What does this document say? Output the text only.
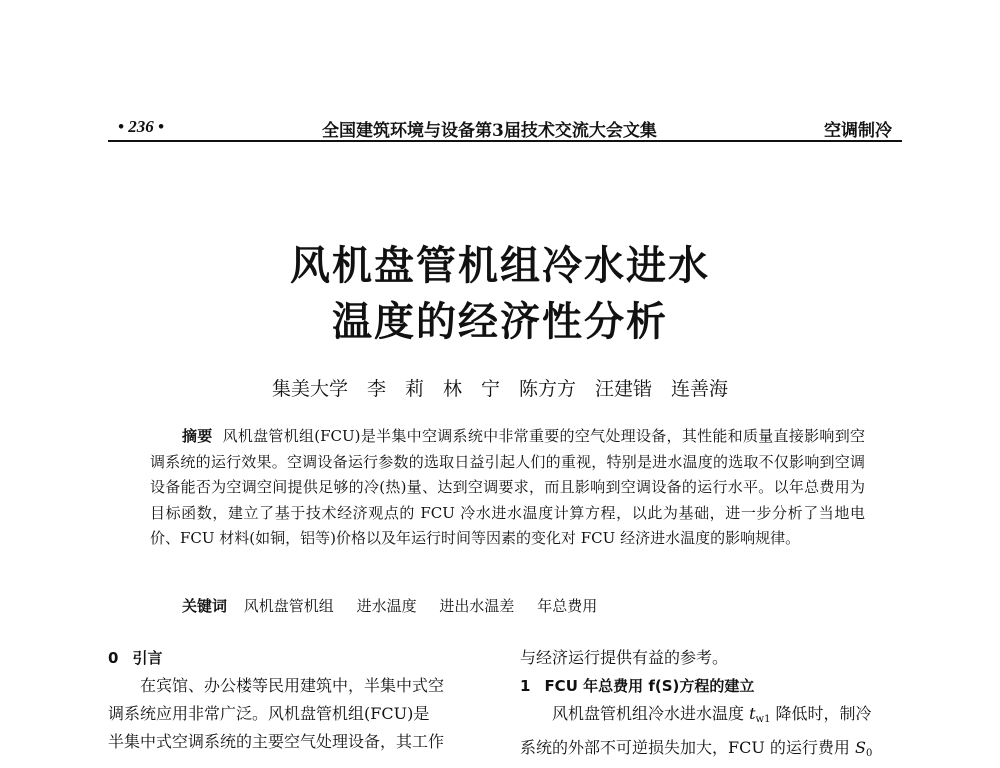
• 236 •	全国建筑环境与设备第3届技术交流大会文集	空调制冷
风机盘管机组冷水进水
温度的经济性分析
集美大学　李　莉　林　宁　陈方方　汪建锴　连善海
摘要 风机盘管机组(FCU)是半集中空调系统中非常重要的空气处理设备，其性能和质量直接影响到空调系统的运行效果。空调设备运行参数的选取日益引起人们的重视，特别是进水温度的选取不仅影响到空调设备能否为空调空间提供足够的冷(热)量、达到空调要求，而且影响到空调设备的运行水平。以年总费用为目标函数，建立了基于技术经济观点的 FCU 冷水进水温度计算方程，以此为基础，进一步分析了当地电价、FCU 材料(如铜，铝等)价格以及年运行时间等因素的变化对 FCU 经济进水温度的影响规律。
关键词 风机盘管机组 进水温度 进出水温差 年总费用
0 引言
在宾馆、办公楼等民用建筑中，半集中式空
调系统应用非常广泛。风机盘管机组(FCU)是
半集中式空调系统的主要空气处理设备，其工作
与经济运行提供有益的参考。
1 FCU 年总费用 f(S)方程的建立
风机盘管机组冷水进水温度 tw1 降低时，制冷
系统的外部不可逆损失加大，FCU 的运行费用 S0
